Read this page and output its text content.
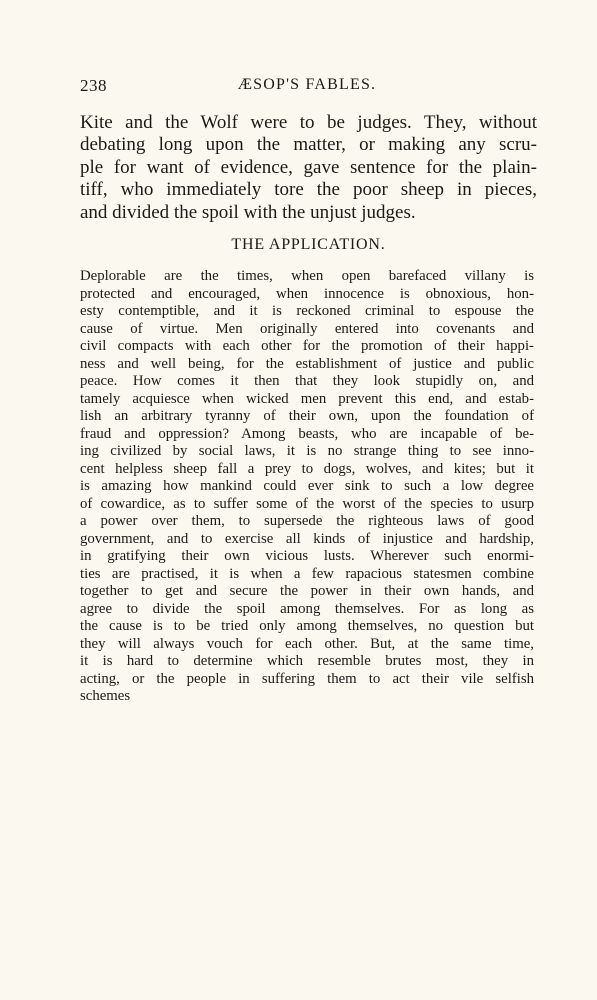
238	ÆSOP'S FABLES.
Kite and the Wolf were to be judges. They, without
debating long upon the matter, or making any scru-
ple for want of evidence, gave sentence for the plain-
tiff, who immediately tore the poor sheep in pieces,
and divided the spoil with the unjust judges.
THE APPLICATION.
Deplorable are the times, when open barefaced villany is
protected and encouraged, when innocence is obnoxious, hon-
esty contemptible, and it is reckoned criminal to espouse the
cause of virtue. Men originally entered into covenants and
civil compacts with each other for the promotion of their happi-
ness and well being, for the establishment of justice and public
peace. How comes it then that they look stupidly on, and
tamely acquiesce when wicked men prevent this end, and estab-
lish an arbitrary tyranny of their own, upon the foundation of
fraud and oppression? Among beasts, who are incapable of be-
ing civilized by social laws, it is no strange thing to see inno-
cent helpless sheep fall a prey to dogs, wolves, and kites; but it
is amazing how mankind could ever sink to such a low degree
of cowardice, as to suffer some of the worst of the species to usurp
a power over them, to supersede the righteous laws of good
government, and to exercise all kinds of injustice and hardship,
in gratifying their own vicious lusts. Wherever such enormi-
ties are practised, it is when a few rapacious statesmen combine
together to get and secure the power in their own hands, and
agree to divide the spoil among themselves. For as long as
the cause is to be tried only among themselves, no question but
they will always vouch for each other. But, at the same time,
it is hard to determine which resemble brutes most, they in
acting, or the people in suffering them to act their vile selfish
schemes
